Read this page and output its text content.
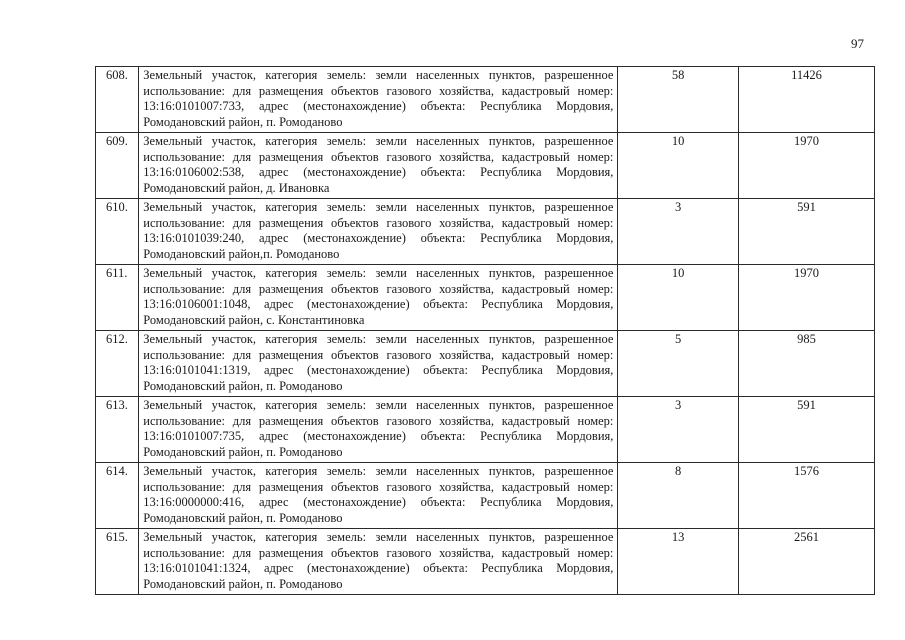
97
608.	Земельный участок, категория земель: земли населенных пунктов, разрешенное использование: для размещения объектов газового хозяйства, кадастровый номер: 13:16:0101007:733, адрес (местонахождение) объекта: Республика Мордовия, Ромодановский район, п. Ромоданово	58	11426
609.	Земельный участок, категория земель: земли населенных пунктов, разрешенное использование: для размещения объектов газового хозяйства, кадастровый номер: 13:16:0106002:538, адрес (местонахождение) объекта: Республика Мордовия, Ромодановский район, д. Ивановка	10	1970
610.	Земельный участок, категория земель: земли населенных пунктов, разрешенное использование: для размещения объектов газового хозяйства, кадастровый номер: 13:16:0101039:240, адрес (местонахождение) объекта: Республика Мордовия, Ромодановский район,п. Ромоданово	3	591
611.	Земельный участок, категория земель: земли населенных пунктов, разрешенное использование: для размещения объектов газового хозяйства, кадастровый номер: 13:16:0106001:1048, адрес (местонахождение) объекта: Республика Мордовия, Ромодановский район, с. Константиновка	10	1970
612.	Земельный участок, категория земель: земли населенных пунктов, разрешенное использование: для размещения объектов газового хозяйства, кадастровый номер: 13:16:0101041:1319, адрес (местонахождение) объекта: Республика Мордовия, Ромодановский район, п. Ромоданово	5	985
613.	Земельный участок, категория земель: земли населенных пунктов, разрешенное использование: для размещения объектов газового хозяйства, кадастровый номер: 13:16:0101007:735, адрес (местонахождение) объекта: Республика Мордовия, Ромодановский район, п. Ромоданово	3	591
614.	Земельный участок, категория земель: земли населенных пунктов, разрешенное использование: для размещения объектов газового хозяйства, кадастровый номер: 13:16:0000000:416, адрес (местонахождение) объекта: Республика Мордовия, Ромодановский район, п. Ромоданово	8	1576
615.	Земельный участок, категория земель: земли населенных пунктов, разрешенное использование: для размещения объектов газового хозяйства, кадастровый номер: 13:16:0101041:1324, адрес (местонахождение) объекта: Республика Мордовия, Ромодановский район, п. Ромоданово	13	2561
